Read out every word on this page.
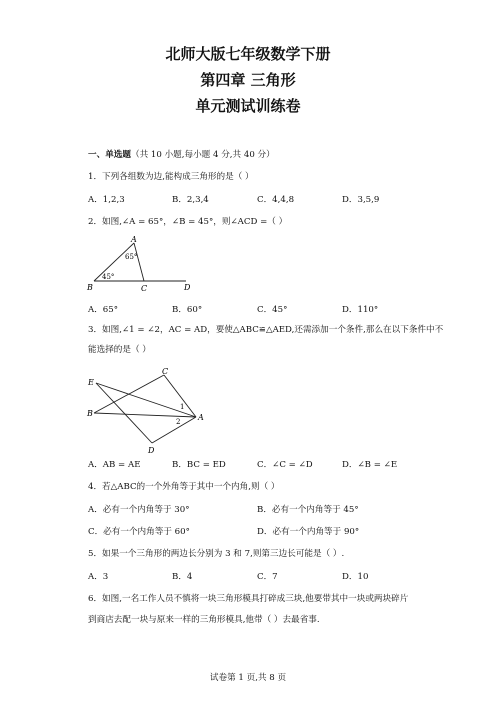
北师大版七年级数学下册
第四章 三角形
单元测试训练卷
一、单选题（共 10 小题,每小题 4 分,共 40 分）
1．下列各组数为边,能构成三角形的是（ ）
A．1,2,3	B．2,3,4	C．4,4,8	D．3,5,9
2．如图,∠A = 65°，∠B = 45°，则∠ACD =（ ）
A
65°
45°
B	C	D
A．65°	B．60°	C．45°	D．110°
3．如图,∠1 = ∠2，AC = AD，要使△ABC≌△AED,还需添加一个条件,那么在以下条件中不
能选择的是（ ）
C
E
B
1
2 A
D
A．AB = AE	B．BC = ED	C．∠C = ∠D	D．∠B = ∠E
4．若△ABC的一个外角等于其中一个内角,则（ ）
A．必有一个内角等于 30°	B．必有一个内角等于 45°
C．必有一个内角等于 60°	D．必有一个内角等于 90°
5．如果一个三角形的两边长分别为 3 和 7,则第三边长可能是（ ）.
A．3	B．4	C．7	D．10
6．如图,一名工作人员不慎将一块三角形模具打碎成三块,他要带其中一块或两块碎片
到商店去配一块与原来一样的三角形模具,他带（ ）去最省事.
试卷第 1 页,共 8 页
